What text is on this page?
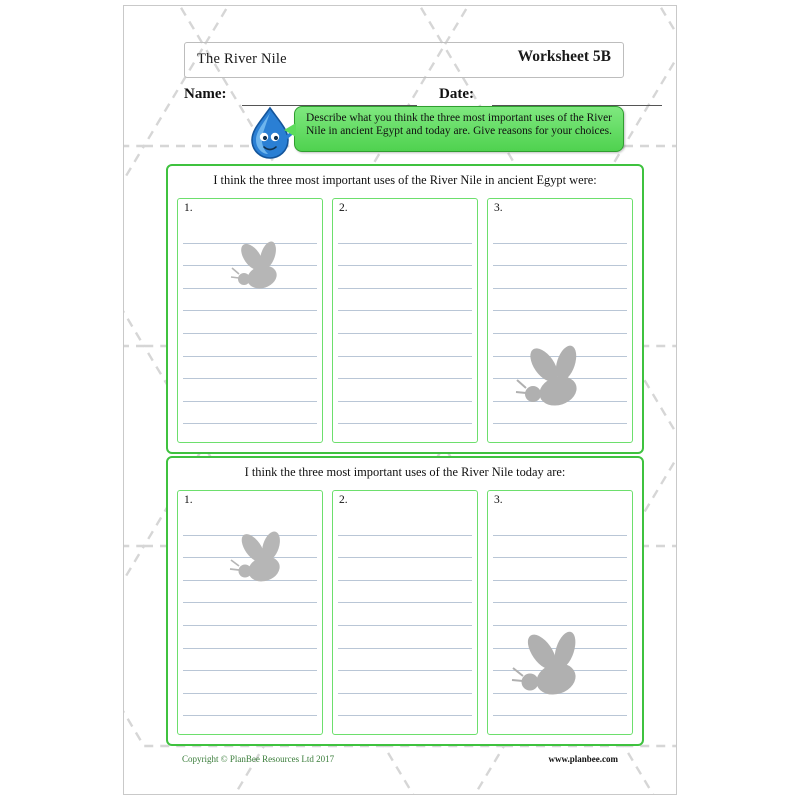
The River Nile	Worksheet 5B
Name:	Date:
Describe what you think the three most important uses of the River Nile in ancient Egypt and today are. Give reasons for your choices.
I think the three most important uses of the River Nile in ancient Egypt were:
1.	2.	3.
I think the three most important uses of the River Nile today are:
1.	2.	3.
Copyright © PlanBee Resources Ltd 2017	www.planbee.com
